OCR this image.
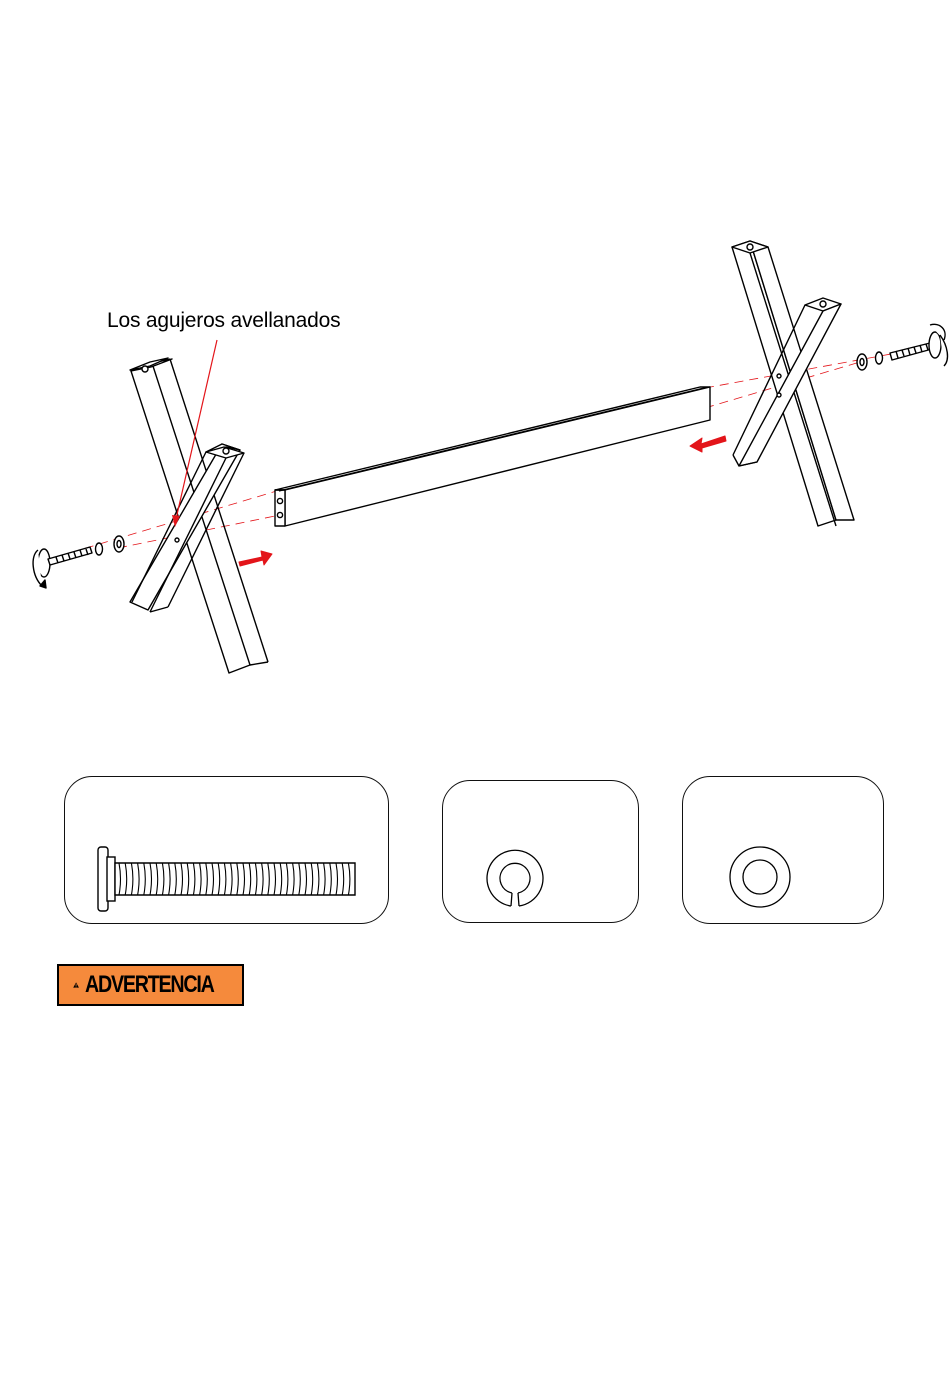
Los agujeros avellanados
ADVERTENCIA
